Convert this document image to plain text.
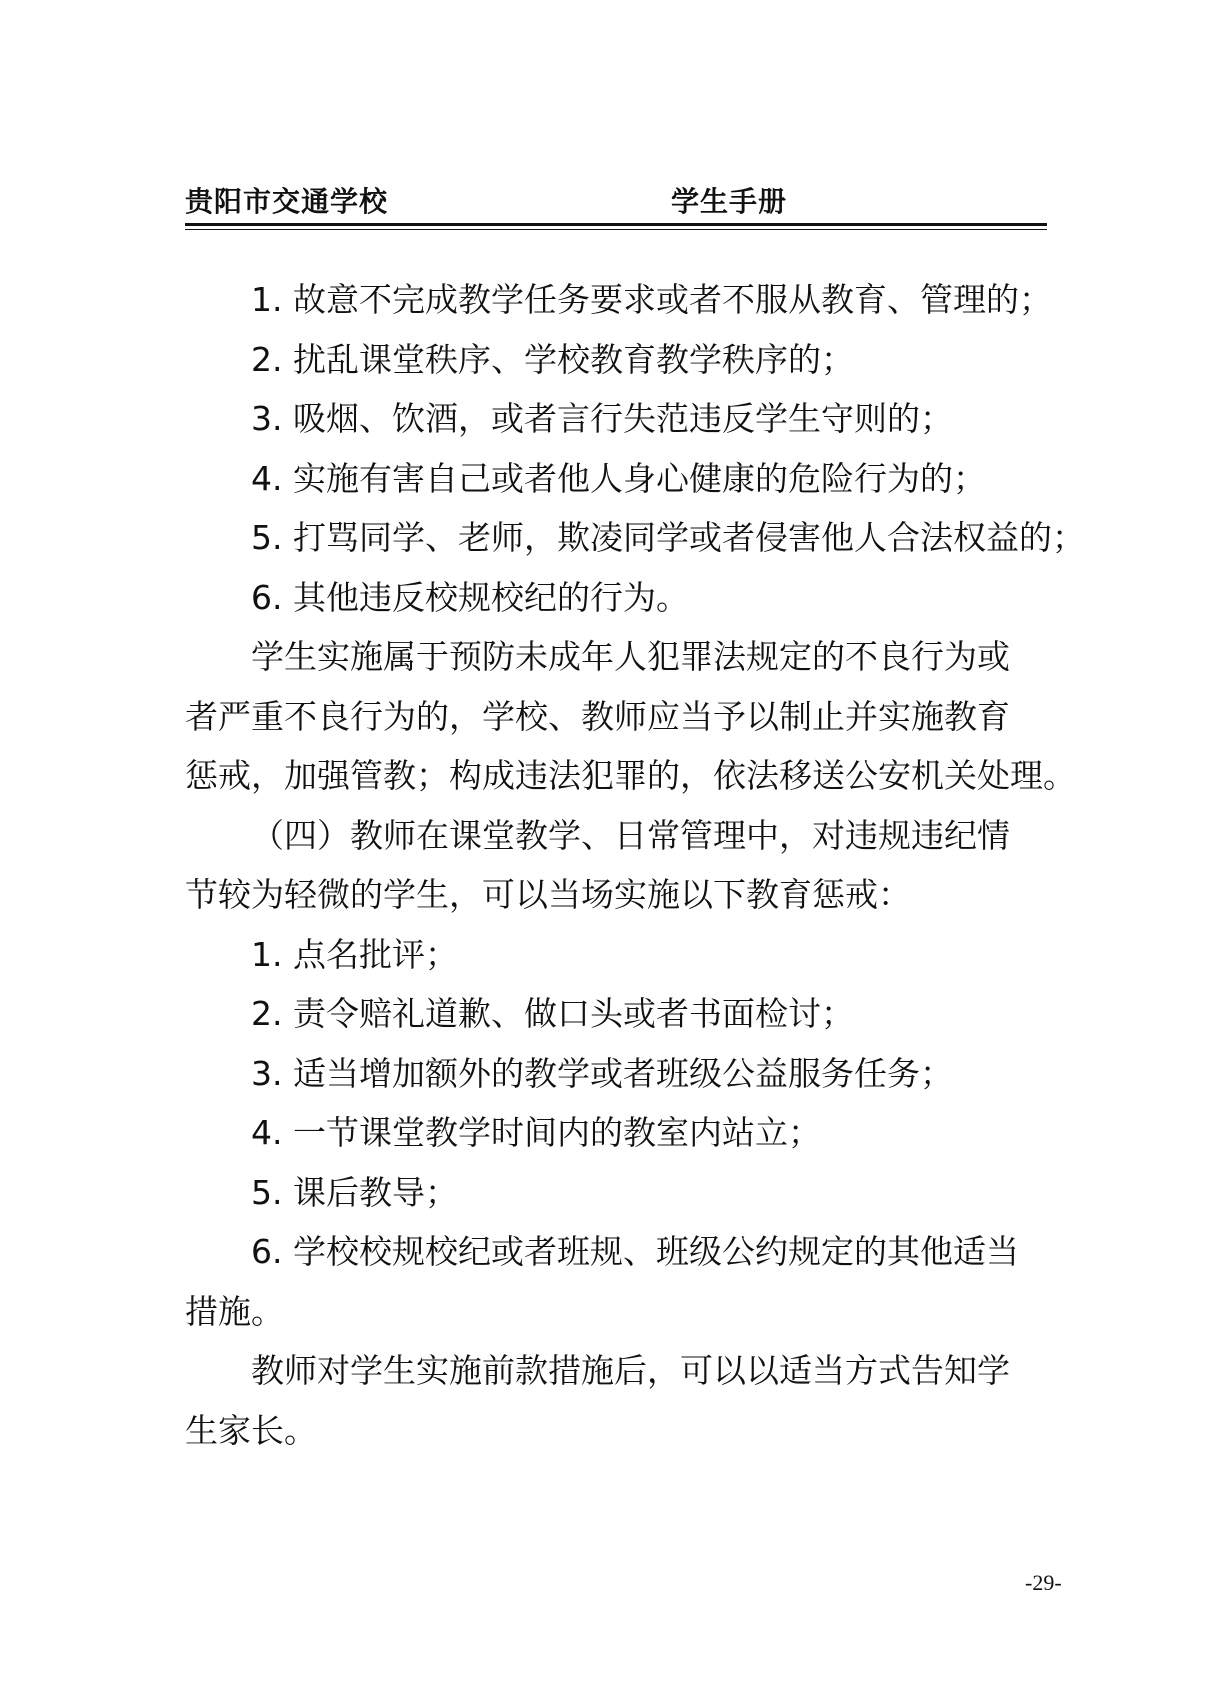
贵阳市交通学校	学生手册
1. 故意不完成教学任务要求或者不服从教育、管理的；
2. 扰乱课堂秩序、学校教育教学秩序的；
3. 吸烟、饮酒，或者言行失范违反学生守则的；
4. 实施有害自己或者他人身心健康的危险行为的；
5. 打骂同学、老师，欺凌同学或者侵害他人合法权益的；
6. 其他违反校规校纪的行为。
学生实施属于预防未成年人犯罪法规定的不良行为或
者严重不良行为的，学校、教师应当予以制止并实施教育
惩戒，加强管教；构成违法犯罪的，依法移送公安机关处理。
（四）教师在课堂教学、日常管理中，对违规违纪情
节较为轻微的学生，可以当场实施以下教育惩戒：
1. 点名批评；
2. 责令赔礼道歉、做口头或者书面检讨；
3. 适当增加额外的教学或者班级公益服务任务；
4. 一节课堂教学时间内的教室内站立；
5. 课后教导；
6. 学校校规校纪或者班规、班级公约规定的其他适当
措施。
教师对学生实施前款措施后，可以以适当方式告知学
生家长。
-29-
